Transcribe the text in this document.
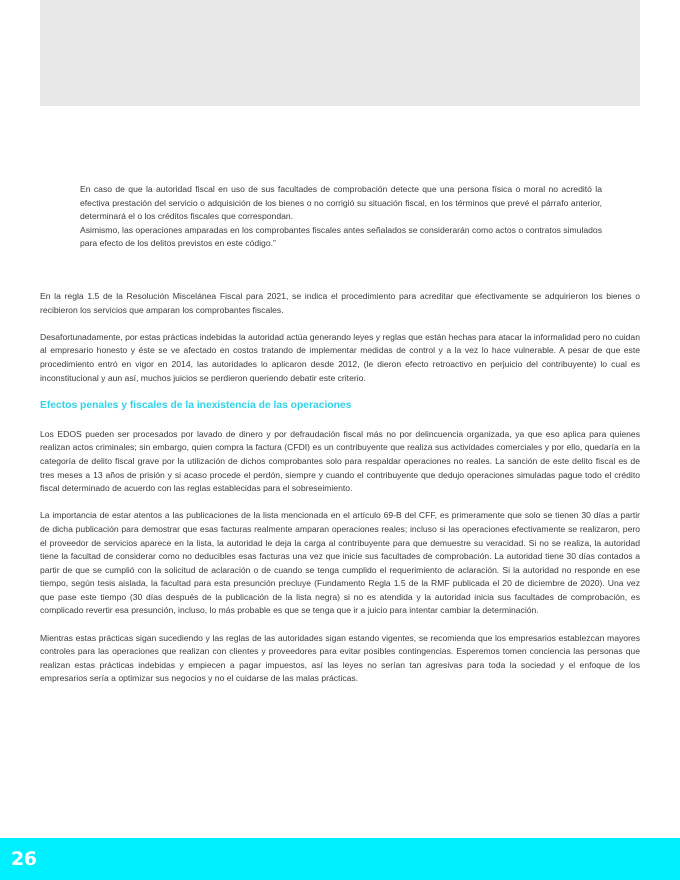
En caso de que la autoridad fiscal en uso de sus facultades de comprobación detecte que una persona física o moral no acreditó la efectiva prestación del servicio o adquisición de los bienes o no corrigió su situación fiscal, en los términos que prevé el párrafo anterior, determinará el o los créditos fiscales que correspondan.

Asimismo, las operaciones amparadas en los comprobantes fiscales antes señalados se considerarán como actos o contratos simulados para efecto de los delitos previstos en este código.”

En la regla 1.5 de la Resolución Miscelánea Fiscal para 2021, se indica el procedimiento para acreditar que efectivamente se adquirieron los bienes o recibieron los servicios que amparan los comprobantes fiscales.

Desafortunadamente, por estas prácticas indebidas la autoridad actúa generando leyes y reglas que están hechas para atacar la informalidad pero no cuidan al empresario honesto y éste se ve afectado en costos tratando de implementar medidas de control y a la vez lo hace vulnerable. A pesar de que este procedimiento entró en vigor en 2014, las autoridades lo aplicaron desde 2012, (le dieron efecto retroactivo en perjuicio del contribuyente) lo cual es inconstitucional y aun así, muchos juicios se perdieron queriendo debatir este criterio.

Efectos penales y fiscales de la inexistencia de las operaciones

Los EDOS pueden ser procesados por lavado de dinero y por defraudación fiscal más no por delincuencia organizada, ya que eso aplica para quienes realizan actos criminales; sin embargo, quien compra la factura (CFDI) es un contribuyente que realiza sus actividades comerciales y por ello, quedaría en la categoría de delito fiscal grave por la utilización de dichos comprobantes solo para respaldar operaciones no reales. La sanción de este delito fiscal es de tres meses a 13 años de prisión y si acaso procede el perdón, siempre y cuando el contribuyente que dedujo operaciones simuladas pague todo el crédito fiscal determinado de acuerdo con las reglas establecidas para el sobreseimiento.

La importancia de estar atentos a las publicaciones de la lista mencionada en el artículo 69-B del CFF, es primeramente que solo se tienen 30 días a partir de dicha publicación para demostrar que esas facturas realmente amparan operaciones reales; incluso si las operaciones efectivamente se realizaron, pero el proveedor de servicios aparece en la lista, la autoridad le deja la carga al contribuyente para que demuestre su veracidad. Si no se realiza, la autoridad tiene la facultad de considerar como no deducibles esas facturas una vez que inicie sus facultades de comprobación. La autoridad tiene 30 días contados a partir de que se cumplió con la solicitud de aclaración o de cuando se tenga cumplido el requerimiento de aclaración. Si la autoridad no responde en ese tiempo, según tesis aislada, la facultad para esta presunción precluye (Fundamento Regla 1.5 de la RMF publicada el 20 de diciembre de 2020). Una vez que pase este tiempo (30 días después de la publicación de la lista negra) si no es atendida y la autoridad inicia sus facultades de comprobación, es complicado revertir esa presunción, incluso, lo más probable es que se tenga que ir a juicio para intentar cambiar la determinación.

Mientras estas prácticas sigan sucediendo y las reglas de las autoridades sigan estando vigentes, se recomienda que los empresarios establezcan mayores controles para las operaciones que realizan con clientes y proveedores para evitar posibles contingencias. Esperemos tomen conciencia las personas que realizan estas prácticas indebidas y empiecen a pagar impuestos, así las leyes no serían tan agresivas para toda la sociedad y el enfoque de los empresarios sería a optimizar sus negocios y no el cuidarse de las malas prácticas.

26
